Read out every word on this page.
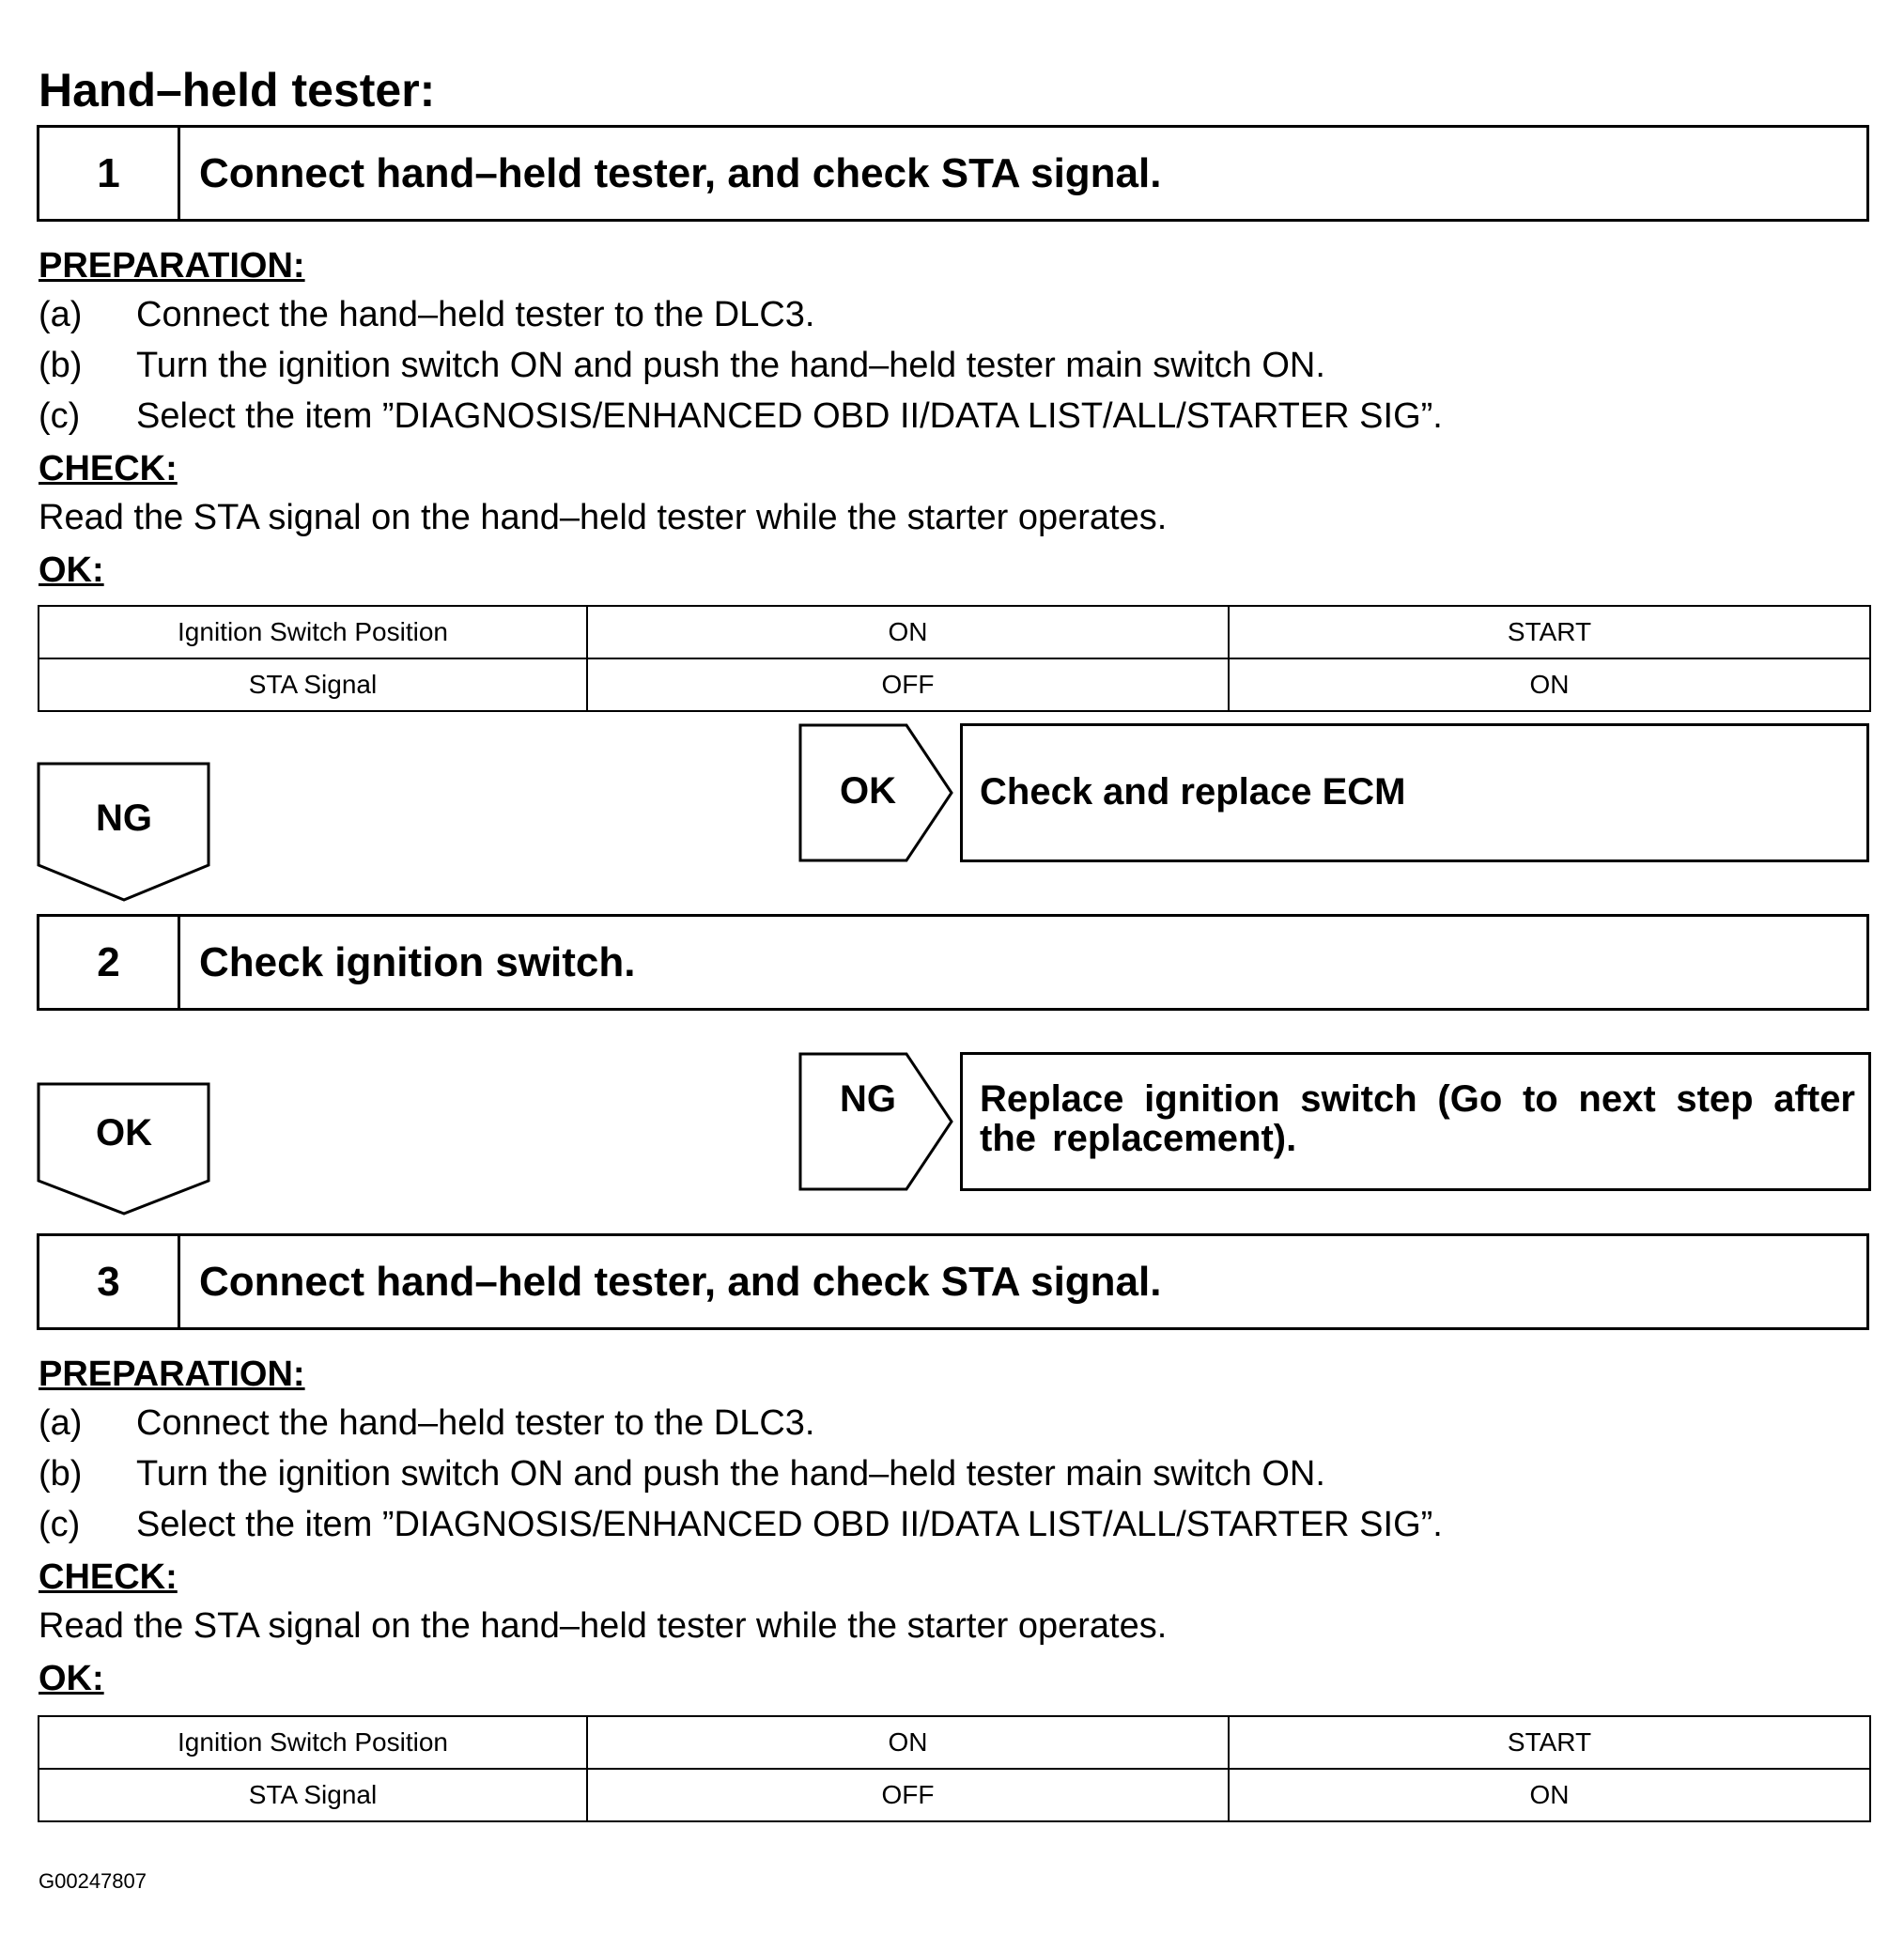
Hand–held tester:
1	Connect hand–held tester, and check STA signal.
PREPARATION:
(a) Connect the hand–held tester to the DLC3.
(b) Turn the ignition switch ON and push the hand–held tester main switch ON.
(c) Select the item ”DIAGNOSIS/ENHANCED OBD II/DATA LIST/ALL/STARTER SIG”.
CHECK:
Read the STA signal on the hand–held tester while the starter operates.
OK:
Ignition Switch Position	ON	START
STA Signal	OFF	ON
NG
OK Check and replace ECM
2	Check ignition switch.
OK
NG Replace ignition switch (Go to next step after the replacement).
3	Connect hand–held tester, and check STA signal.
PREPARATION:
(a) Connect the hand–held tester to the DLC3.
(b) Turn the ignition switch ON and push the hand–held tester main switch ON.
(c) Select the item ”DIAGNOSIS/ENHANCED OBD II/DATA LIST/ALL/STARTER SIG”.
CHECK:
Read the STA signal on the hand–held tester while the starter operates.
OK:
Ignition Switch Position	ON	START
STA Signal	OFF	ON
G00247807
